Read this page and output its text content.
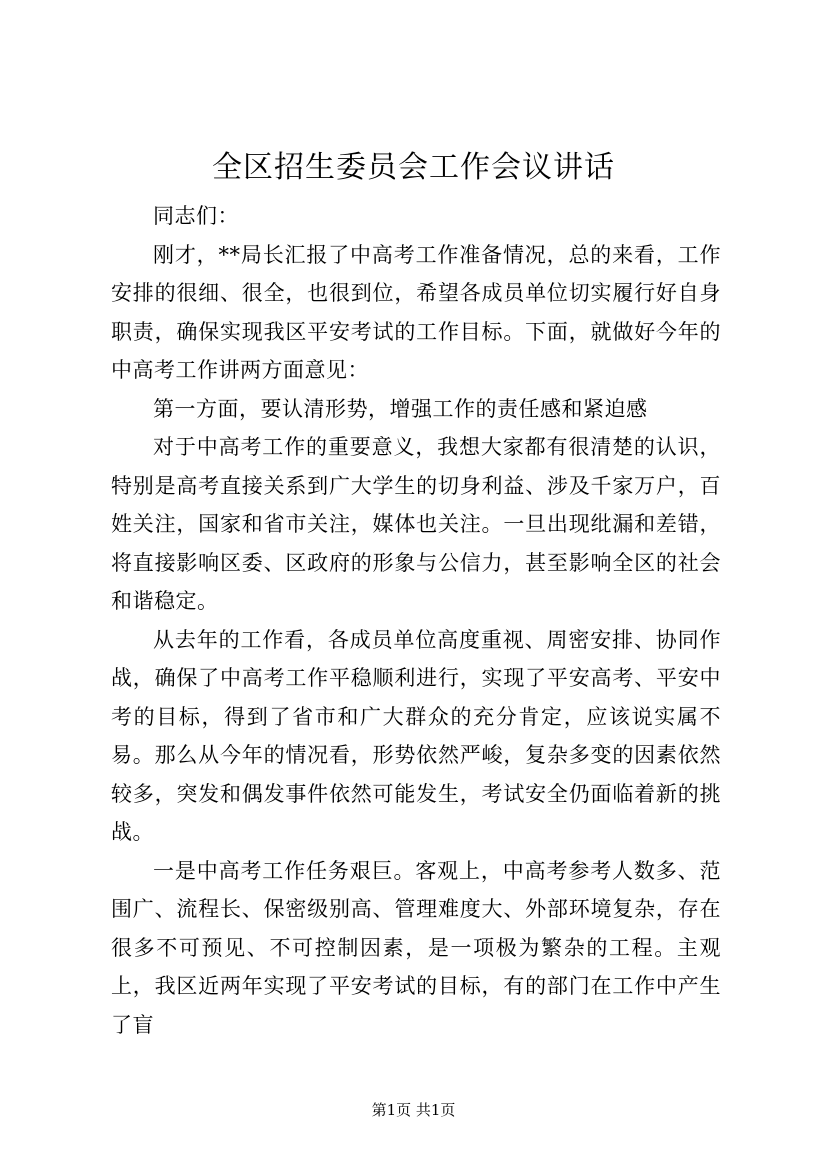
全区招生委员会工作会议讲话

同志们：

刚才，**局长汇报了中高考工作准备情况，总的来看，工作安排的很细、很全，也很到位，希望各成员单位切实履行好自身职责，确保实现我区平安考试的工作目标。下面，就做好今年的中高考工作讲两方面意见：

第一方面，要认清形势，增强工作的责任感和紧迫感

对于中高考工作的重要意义，我想大家都有很清楚的认识，特别是高考直接关系到广大学生的切身利益、涉及千家万户，百姓关注，国家和省市关注，媒体也关注。一旦出现纰漏和差错，将直接影响区委、区政府的形象与公信力，甚至影响全区的社会和谐稳定。

从去年的工作看，各成员单位高度重视、周密安排、协同作战，确保了中高考工作平稳顺利进行，实现了平安高考、平安中考的目标，得到了省市和广大群众的充分肯定，应该说实属不易。那么从今年的情况看，形势依然严峻，复杂多变的因素依然较多，突发和偶发事件依然可能发生，考试安全仍面临着新的挑战。

一是中高考工作任务艰巨。客观上，中高考参考人数多、范围广、流程长、保密级别高、管理难度大、外部环境复杂，存在很多不可预见、不可控制因素，是一项极为繁杂的工程。主观上，我区近两年实现了平安考试的目标，有的部门在工作中产生了盲

第1页 共1页
